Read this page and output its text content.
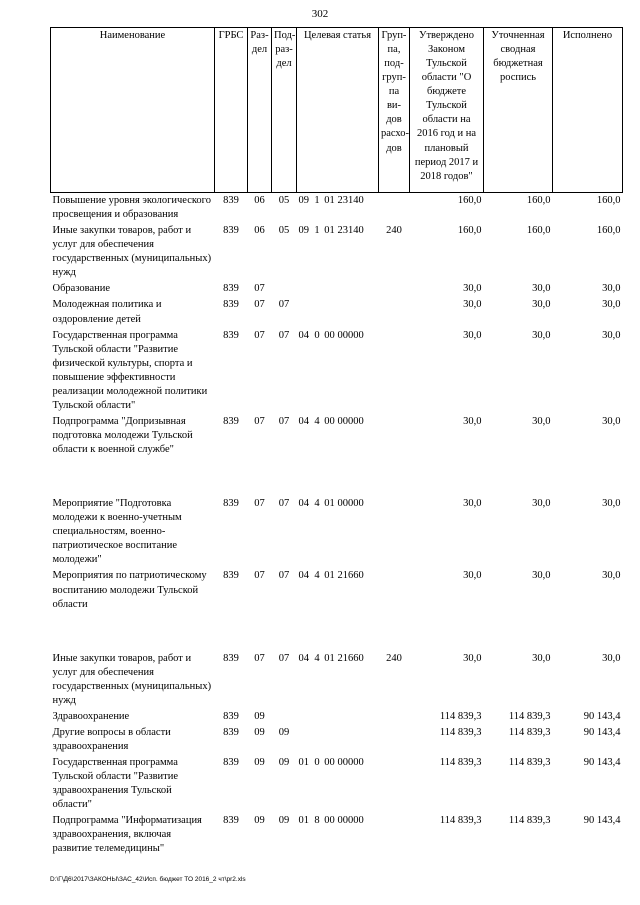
302
Наименование	ГРБС	Раз-дел	Под-раз-дел	Целевая статья	Груп-па, под-груп-па ви-дов расхо-дов	Утверждено Законом Тульской области "О бюджете Тульской области на 2016 год и на плановый период 2017 и 2018 годов"	Уточненная сводная бюджетная роспись	Исполнено
Повышение уровня экологического просвещения и образования	839	06	05	09 1 01 23140		160,0	160,0	160,0
Иные закупки товаров, работ и услуг для обеспечения государственных (муниципальных) нужд	839	06	05	09 1 01 23140	240	160,0	160,0	160,0
Образование	839	07				30,0	30,0	30,0
Молодежная политика и оздоровление детей	839	07	07			30,0	30,0	30,0
Государственная программа Тульской области "Развитие физической культуры, спорта и повышение эффективности реализации молодежной политики Тульской области"	839	07	07	04 0 00 00000		30,0	30,0	30,0
Подпрограмма "Допризывная подготовка молодежи Тульской области к военной службе"	839	07	07	04 4 00 00000		30,0	30,0	30,0

Мероприятие "Подготовка молодежи к военно-учетным специальностям, военно-патриотическое воспитание молодежи"	839	07	07	04 4 01 00000		30,0	30,0	30,0
Мероприятия по патриотическому воспитанию молодежи Тульской области	839	07	07	04 4 01 21660		30,0	30,0	30,0

Иные закупки товаров, работ и услуг для обеспечения государственных (муниципальных) нужд	839	07	07	04 4 01 21660	240	30,0	30,0	30,0
Здравоохранение	839	09				114 839,3	114 839,3	90 143,4
Другие вопросы в области здравоохранения	839	09	09			114 839,3	114 839,3	90 143,4
Государственная программа Тульской области "Развитие здравоохранения Тульской области"	839	09	09	01 0 00 00000		114 839,3	114 839,3	90 143,4
Подпрограмма "Информатизация здравоохранения, включая развитие телемедицины"	839	09	09	01 8 00 00000		114 839,3	114 839,3	90 143,4
D:\Г\Д6\2017\ЗАКОНЫ\ЗАС_42\Исп. бюджет ТО 2016_2 чт\pr2.xls
